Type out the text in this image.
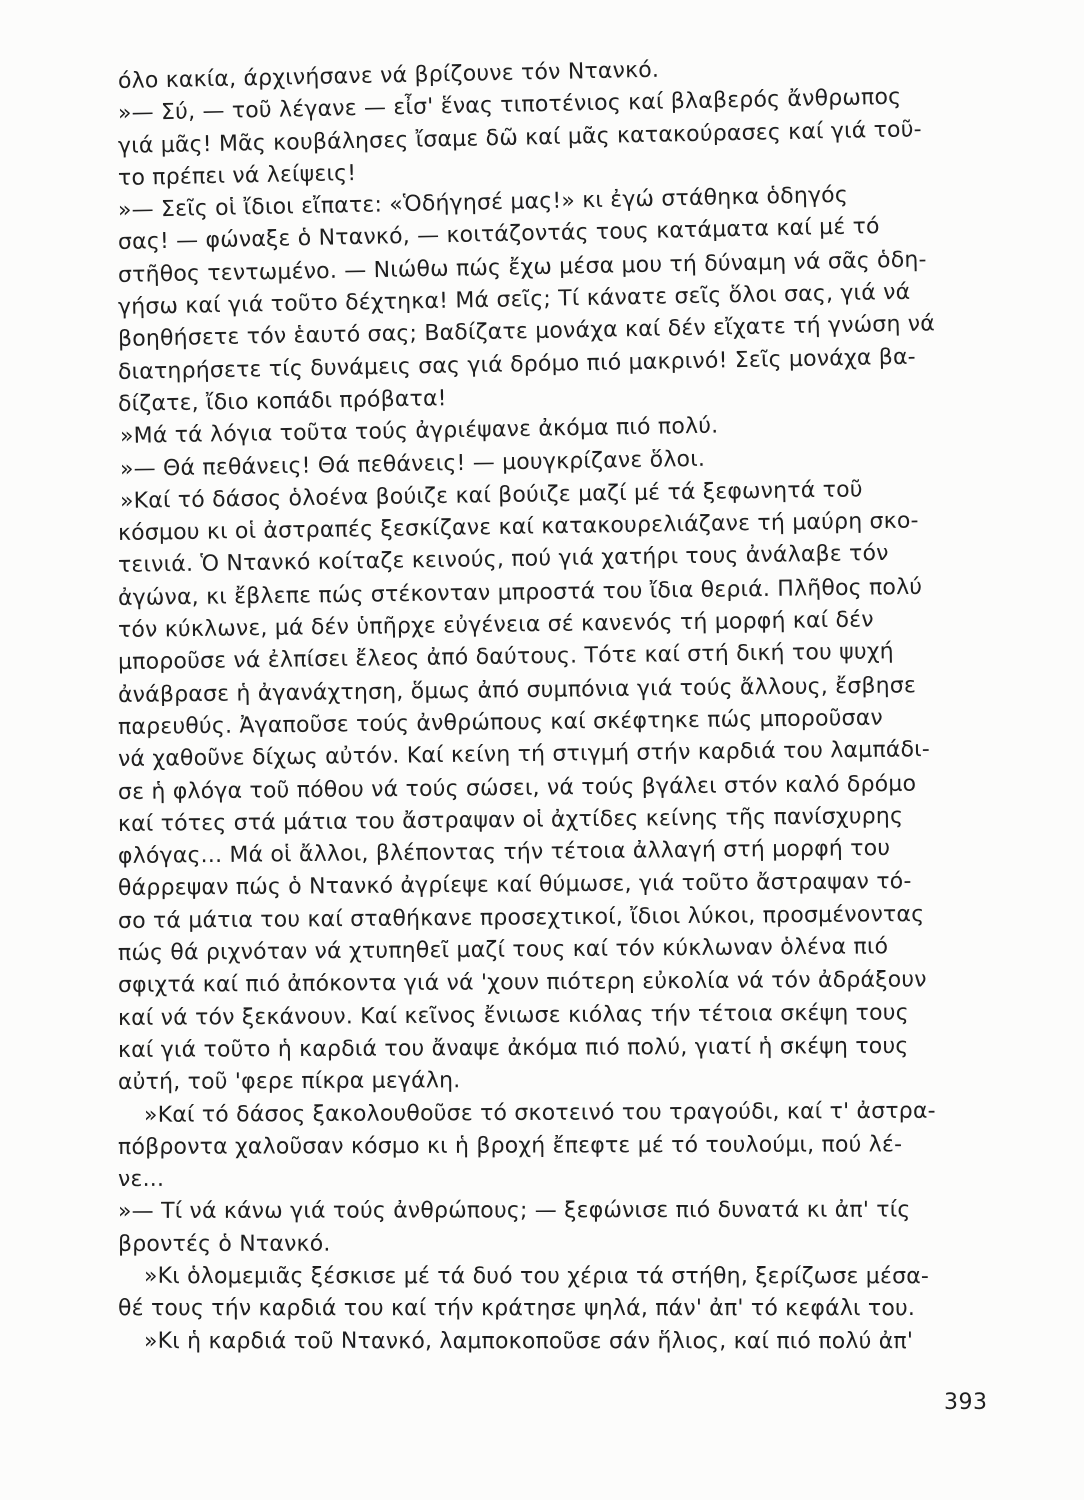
όλο κακία, άρχινήσανε νά βρίζουνε τόν Ντανκό.
»— Σύ, — τοῦ λέγανε — εἶσ' ἕνας τιποτένιος καί βλαβερός ἄνθρωπος
γιά μᾶς! Μᾶς κουβάλησες ἴσαμε δῶ καί μᾶς κατακούρασες καί γιά τοῦ-
το πρέπει νά λείψεις!
»— Σεῖς οἱ ἴδιοι εἴπατε: «Ὁδήγησέ μας!» κι ἐγώ στάθηκα ὁδηγός
σας! — φώναξε ὁ Ντανκό, — κοιτάζοντάς τους κατάματα καί μέ τό
στῆθος τεντωμένο. — Νιώθω πώς ἔχω μέσα μου τή δύναμη νά σᾶς ὁδη-
γήσω καί γιά τοῦτο δέχτηκα! Μά σεῖς; Τί κάνατε σεῖς ὅλοι σας, γιά νά
βοηθήσετε τόν ἑαυτό σας; Βαδίζατε μονάχα καί δέν εἴχατε τή γνώση νά
διατηρήσετε τίς δυνάμεις σας γιά δρόμο πιό μακρινό! Σεῖς μονάχα βα-
δίζατε, ἴδιο κοπάδι πρόβατα!
»Μά τά λόγια τοῦτα τούς ἀγριέψανε ἀκόμα πιό πολύ.
»— Θά πεθάνεις! Θά πεθάνεις! — μουγκρίζανε ὅλοι.
»Καί τό δάσος ὁλοένα βούιζε καί βούιζε μαζί μέ τά ξεφωνητά τοῦ
κόσμου κι οἱ ἀστραπές ξεσκίζανε καί κατακουρελιάζανε τή μαύρη σκο-
τεινιά. Ὁ Ντανκό κοίταζε κεινούς, πού γιά χατήρι τους ἀνάλαβε τόν
ἀγώνα, κι ἔβλεπε πώς στέκονταν μπροστά του ἴδια θεριά. Πλῆθος πολύ
τόν κύκλωνε, μά δέν ὑπῆρχε εὐγένεια σέ κανενός τή μορφή καί δέν
μποροῦσε νά ἐλπίσει ἔλεος ἀπό δαύτους. Τότε καί στή δική του ψυχή
ἀνάβρασε ἡ ἀγανάχτηση, ὅμως ἀπό συμπόνια γιά τούς ἄλλους, ἔσβησε
παρευθύς. Ἀγαποῦσε τούς ἀνθρώπους καί σκέφτηκε πώς μποροῦσαν
νά χαθοῦνε δίχως αὐτόν. Καί κείνη τή στιγμή στήν καρδιά του λαμπάδι-
σε ἡ φλόγα τοῦ πόθου νά τούς σώσει, νά τούς βγάλει στόν καλό δρόμο
καί τότες στά μάτια του ἄστραψαν οἱ ἀχτίδες κείνης τῆς πανίσχυρης
φλόγας... Μά οἱ ἄλλοι, βλέποντας τήν τέτοια ἀλλαγή στή μορφή του
θάρρεψαν πώς ὁ Ντανκό ἀγρίεψε καί θύμωσε, γιά τοῦτο ἄστραψαν τό-
σο τά μάτια του καί σταθήκανε προσεχτικοί, ἴδιοι λύκοι, προσμένοντας
πώς θά ριχνόταν νά χτυπηθεῖ μαζί τους καί τόν κύκλωναν ὁλένα πιό
σφιχτά καί πιό ἀπόκοντα γιά νά 'χουν πιότερη εὐκολία νά τόν ἀδράξουν
καί νά τόν ξεκάνουν. Καί κεῖνος ἔνιωσε κιόλας τήν τέτοια σκέψη τους
καί γιά τοῦτο ἡ καρδιά του ἄναψε ἀκόμα πιό πολύ, γιατί ἡ σκέψη τους
αὐτή, τοῦ 'φερε πίκρα μεγάλη.
»Καί τό δάσος ξακολουθοῦσε τό σκοτεινό του τραγούδι, καί τ' ἀστρα-
πόβροντα χαλοῦσαν κόσμο κι ἡ βροχή ἔπεφτε μέ τό τουλούμι, πού λέ-
νε...
»— Τί νά κάνω γιά τούς ἀνθρώπους; — ξεφώνισε πιό δυνατά κι ἀπ' τίς
βροντές ὁ Ντανκό.
»Κι ὁλομεμιᾶς ξέσκισε μέ τά δυό του χέρια τά στήθη, ξερίζωσε μέσα-
θέ τους τήν καρδιά του καί τήν κράτησε ψηλά, πάν' ἀπ' τό κεφάλι του.
»Κι ἡ καρδιά τοῦ Ντανκό, λαμποκοποῦσε σάν ἥλιος, καί πιό πολύ ἀπ'
393
